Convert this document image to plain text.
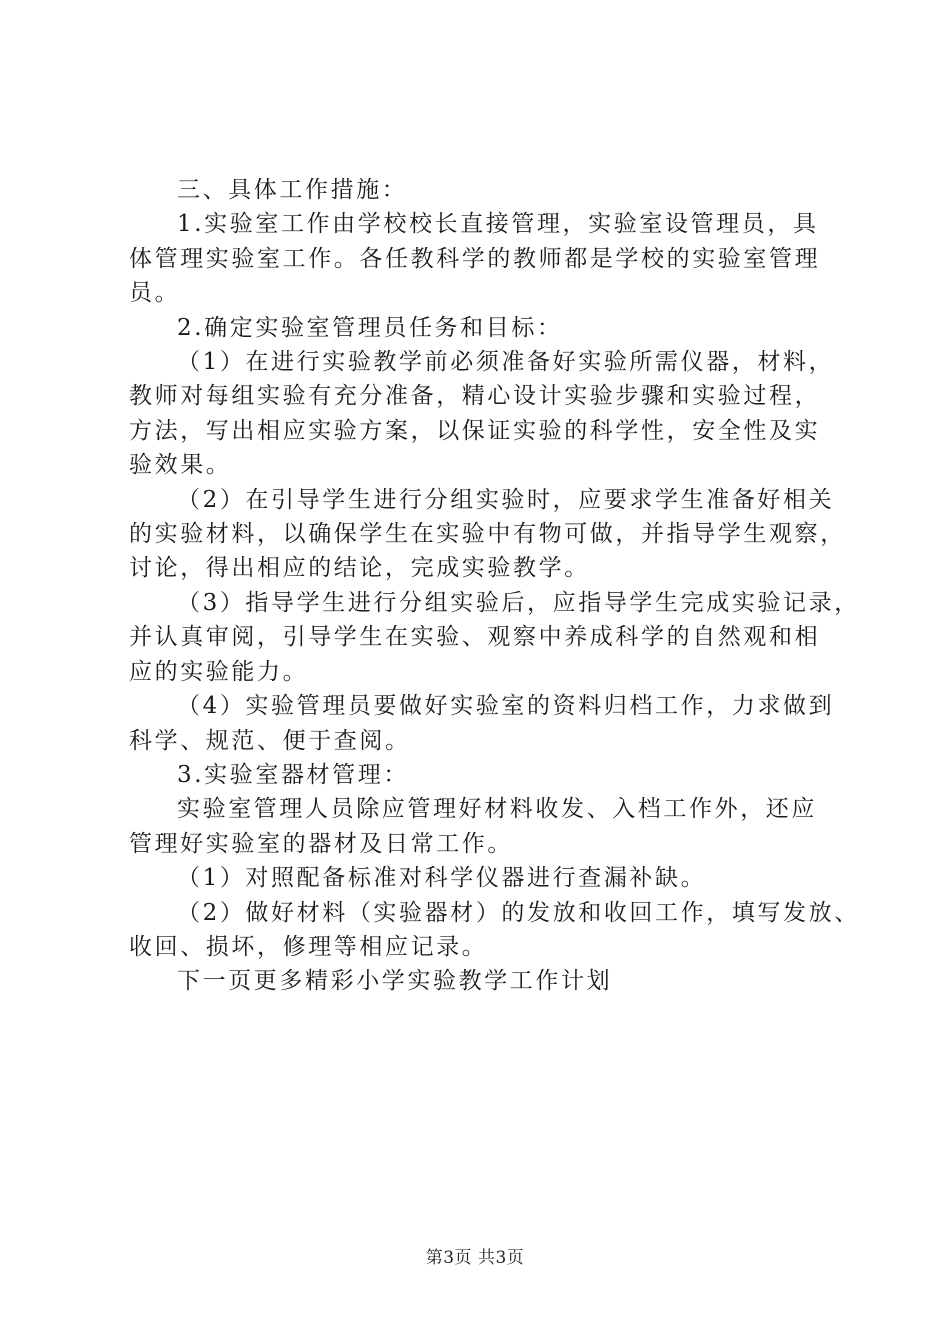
三、具体工作措施：
1.实验室工作由学校校长直接管理，实验室设管理员，具
体管理实验室工作。各任教科学的教师都是学校的实验室管理
员。
2.确定实验室管理员任务和目标：
（1）在进行实验教学前必须准备好实验所需仪器，材料，
教师对每组实验有充分准备，精心设计实验步骤和实验过程，
方法，写出相应实验方案，以保证实验的科学性，安全性及实
验效果。
（2）在引导学生进行分组实验时，应要求学生准备好相关
的实验材料，以确保学生在实验中有物可做，并指导学生观察，
讨论，得出相应的结论，完成实验教学。
（3）指导学生进行分组实验后，应指导学生完成实验记录，
并认真审阅，引导学生在实验、观察中养成科学的自然观和相
应的实验能力。
（4）实验管理员要做好实验室的资料归档工作，力求做到
科学、规范、便于查阅。
3.实验室器材管理：
实验室管理人员除应管理好材料收发、入档工作外，还应
管理好实验室的器材及日常工作。
（1）对照配备标准对科学仪器进行查漏补缺。
（2）做好材料（实验器材）的发放和收回工作，填写发放、
收回、损坏，修理等相应记录。
下一页更多精彩小学实验教学工作计划
第3页 共3页
